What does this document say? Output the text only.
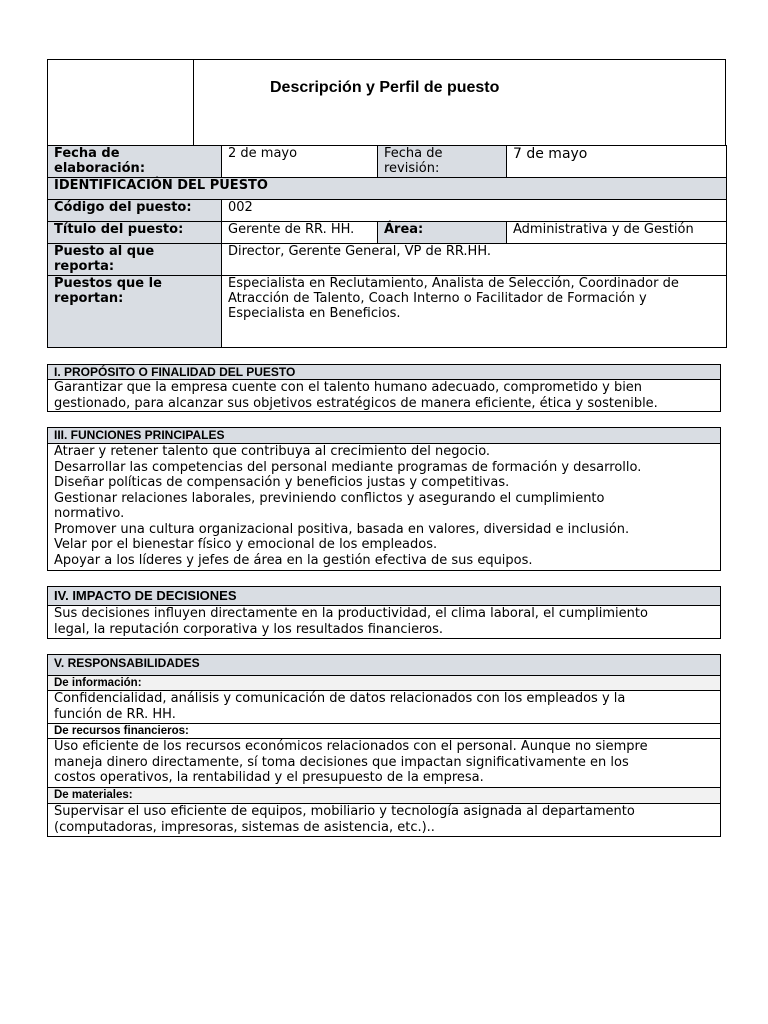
Descripción y Perfil de puesto
Fecha de elaboración:	2 de mayo	Fecha de revisión:	7 de mayo
IDENTIFICACIÓN DEL PUESTO			
Código del puesto:	002		
Título del puesto:	Gerente de RR. HH.	Área:	Administrativa y de Gestión
Puesto al que reporta:	Director, Gerente General, VP de RR.HH.		
Puestos que le reportan:	Especialista en Reclutamiento, Analista de Selección, Coordinador de Atracción de Talento, Coach Interno o Facilitador de Formación y Especialista en Beneficios.		
I. PROPÓSITO O FINALIDAD DEL PUESTO
Garantizar que la empresa cuente con el talento humano adecuado, comprometido y bien
gestionado, para alcanzar sus objetivos estratégicos de manera eficiente, ética y sostenible.
III. FUNCIONES PRINCIPALES
Atraer y retener talento que contribuya al crecimiento del negocio.
Desarrollar las competencias del personal mediante programas de formación y desarrollo.
Diseñar políticas de compensación y beneficios justas y competitivas.
Gestionar relaciones laborales, previniendo conflictos y asegurando el cumplimiento
normativo.
Promover una cultura organizacional positiva, basada en valores, diversidad e inclusión.
Velar por el bienestar físico y emocional de los empleados.
Apoyar a los líderes y jefes de área en la gestión efectiva de sus equipos.
IV. IMPACTO DE DECISIONES
Sus decisiones influyen directamente en la productividad, el clima laboral, el cumplimiento
legal, la reputación corporativa y los resultados financieros.
V. RESPONSABILIDADES
De información:
Confidencialidad, análisis y comunicación de datos relacionados con los empleados y la
función de RR. HH.
De recursos financieros:
Uso eficiente de los recursos económicos relacionados con el personal. Aunque no siempre
maneja dinero directamente, sí toma decisiones que impactan significativamente en los
costos operativos, la rentabilidad y el presupuesto de la empresa.
De materiales:
Supervisar el uso eficiente de equipos, mobiliario y tecnología asignada al departamento
(computadoras, impresoras, sistemas de asistencia, etc.)..
